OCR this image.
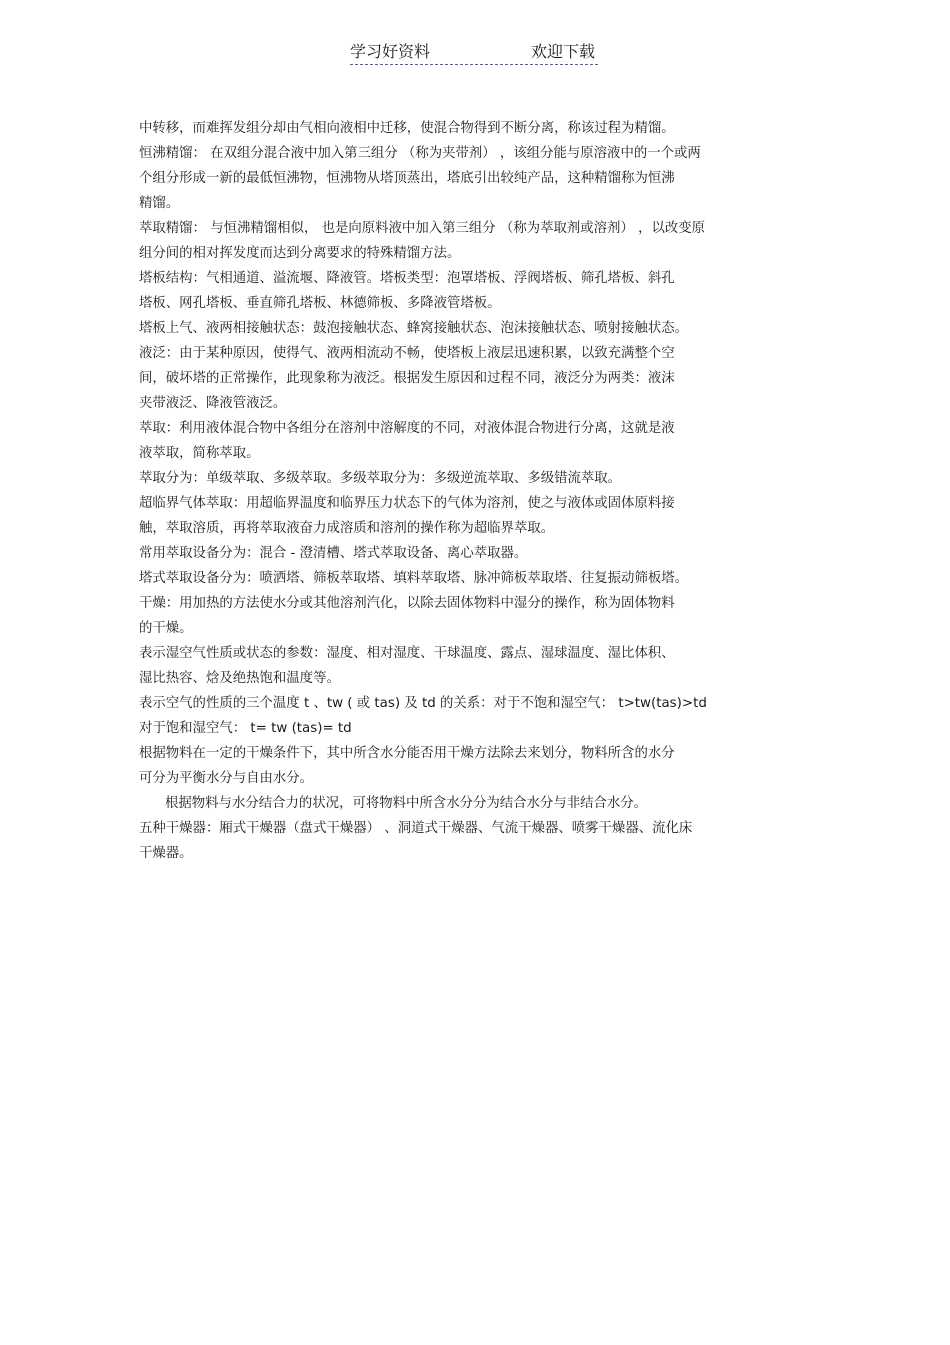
学习好资料	欢迎下载
中转移，而难挥发组分却由气相向液相中迁移，使混合物得到不断分离，称该过程为精馏。
恒沸精馏： 在双组分混合液中加入第三组分 （称为夹带剂） ，该组分能与原溶液中的一个或两
个组分形成一新的最低恒沸物，恒沸物从塔顶蒸出，塔底引出较纯产品，这种精馏称为恒沸
精馏。
萃取精馏： 与恒沸精馏相似， 也是向原料液中加入第三组分 （称为萃取剂或溶剂） ，以改变原
组分间的相对挥发度而达到分离要求的特殊精馏方法。
塔板结构：气相通道、溢流堰、降液管。塔板类型：泡罩塔板、浮阀塔板、筛孔塔板、斜孔
塔板、网孔塔板、垂直筛孔塔板、林德筛板、多降液管塔板。
塔板上气、液两相接触状态：鼓泡接触状态、蜂窝接触状态、泡沫接触状态、喷射接触状态。
液泛：由于某种原因，使得气、液两相流动不畅，使塔板上液层迅速积累，以致充满整个空
间，破坏塔的正常操作，此现象称为液泛。根据发生原因和过程不同，液泛分为两类：液沫
夹带液泛、降液管液泛。
萃取：利用液体混合物中各组分在溶剂中溶解度的不同，对液体混合物进行分离，这就是液
液萃取，简称萃取。
萃取分为：单级萃取、多级萃取。多级萃取分为：多级逆流萃取、多级错流萃取。
超临界气体萃取：用超临界温度和临界压力状态下的气体为溶剂，使之与液体或固体原料接
触，萃取溶质，再将萃取液奋力成溶质和溶剂的操作称为超临界萃取。
常用萃取设备分为：混合 - 澄清槽、塔式萃取设备、离心萃取器。
塔式萃取设备分为：喷洒塔、筛板萃取塔、填料萃取塔、脉冲筛板萃取塔、往复振动筛板塔。
干燥：用加热的方法使水分或其他溶剂汽化，以除去固体物料中湿分的操作，称为固体物料
的干燥。
表示湿空气性质或状态的参数：湿度、相对湿度、干球温度、露点、湿球温度、湿比体积、
湿比热容、焓及绝热饱和温度等。
表示空气的性质的三个温度 t 、tw ( 或 tas) 及 td 的关系：对于不饱和湿空气： t>tw(tas)>td
对于饱和湿空气： t= tw (tas)= td
根据物料在一定的干燥条件下，其中所含水分能否用干燥方法除去来划分，物料所含的水分
可分为平衡水分与自由水分。
根据物料与水分结合力的状况，可将物料中所含水分分为结合水分与非结合水分。
五种干燥器：厢式干燥器（盘式干燥器） 、洞道式干燥器、气流干燥器、喷雾干燥器、流化床
干燥器。
